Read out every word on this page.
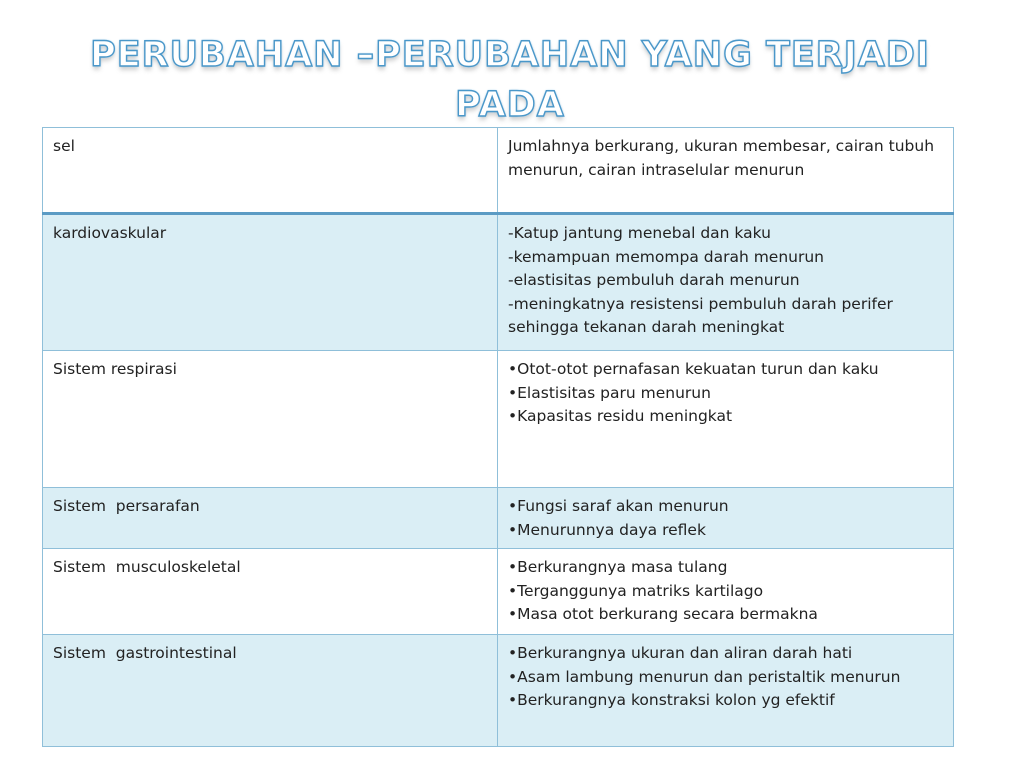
PERUBAHAN –PERUBAHAN YANG TERJADI PADA
sel	Jumlahnya berkurang, ukuran membesar, cairan tubuh menurun, cairan intraselular menurun

kardiovaskular	-Katup jantung menebal dan kaku
-kemampuan memompa darah menurun
-elastisitas pembuluh darah menurun
-meningkatnya resistensi pembuluh darah perifer sehingga tekanan darah meningkat

Sistem respirasi	•Otot-otot pernafasan kekuatan turun dan kaku
•Elastisitas paru menurun
•Kapasitas residu meningkat

Sistem  persarafan	•Fungsi saraf akan menurun
•Menurunnya daya reflek

Sistem  musculoskeletal	•Berkurangnya masa tulang
•Terganggunya matriks kartilago
•Masa otot berkurang secara bermakna

Sistem  gastrointestinal	•Berkurangnya ukuran dan aliran darah hati
•Asam lambung menurun dan peristaltik menurun
•Berkurangnya konstraksi kolon yg efektif
